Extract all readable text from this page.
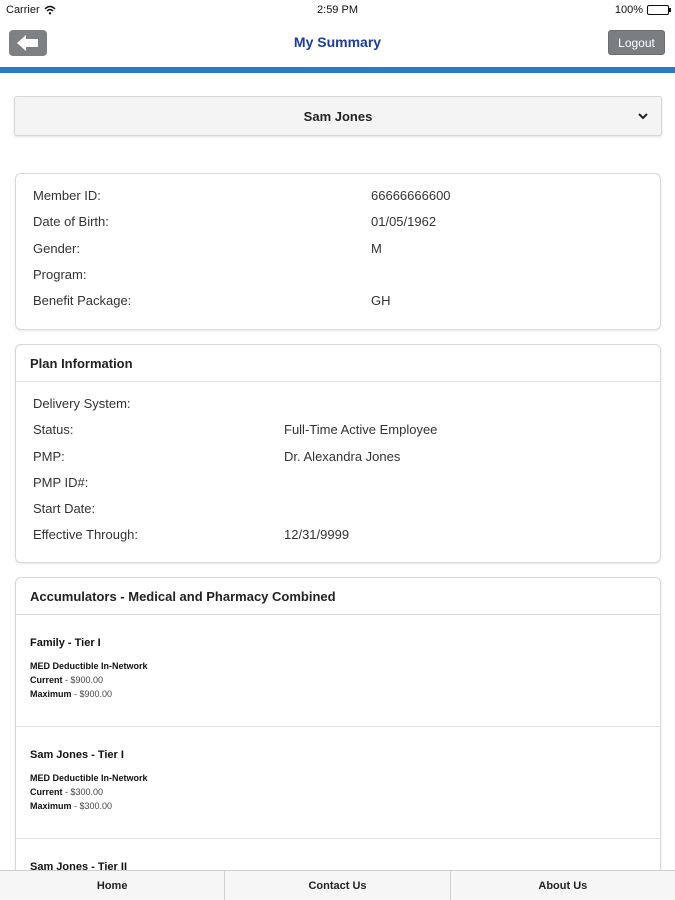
Carrier	2:59 PM	100%
My Summary	Logout
Sam Jones
Member ID:	66666666600
Date of Birth:	01/05/1962
Gender:	M
Program:
Benefit Package:	GH
Plan Information
Delivery System:
Status:	Full-Time Active Employee
PMP:	Dr. Alexandra Jones
PMP ID#:
Start Date:
Effective Through:	12/31/9999
Accumulators - Medical and Pharmacy Combined
Family - Tier I
MED Deductible In-Network
Current - $900.00
Maximum - $900.00
Sam Jones - Tier I
MED Deductible In-Network
Current - $300.00
Maximum - $300.00
Sam Jones - Tier II
Home	Contact Us	About Us
